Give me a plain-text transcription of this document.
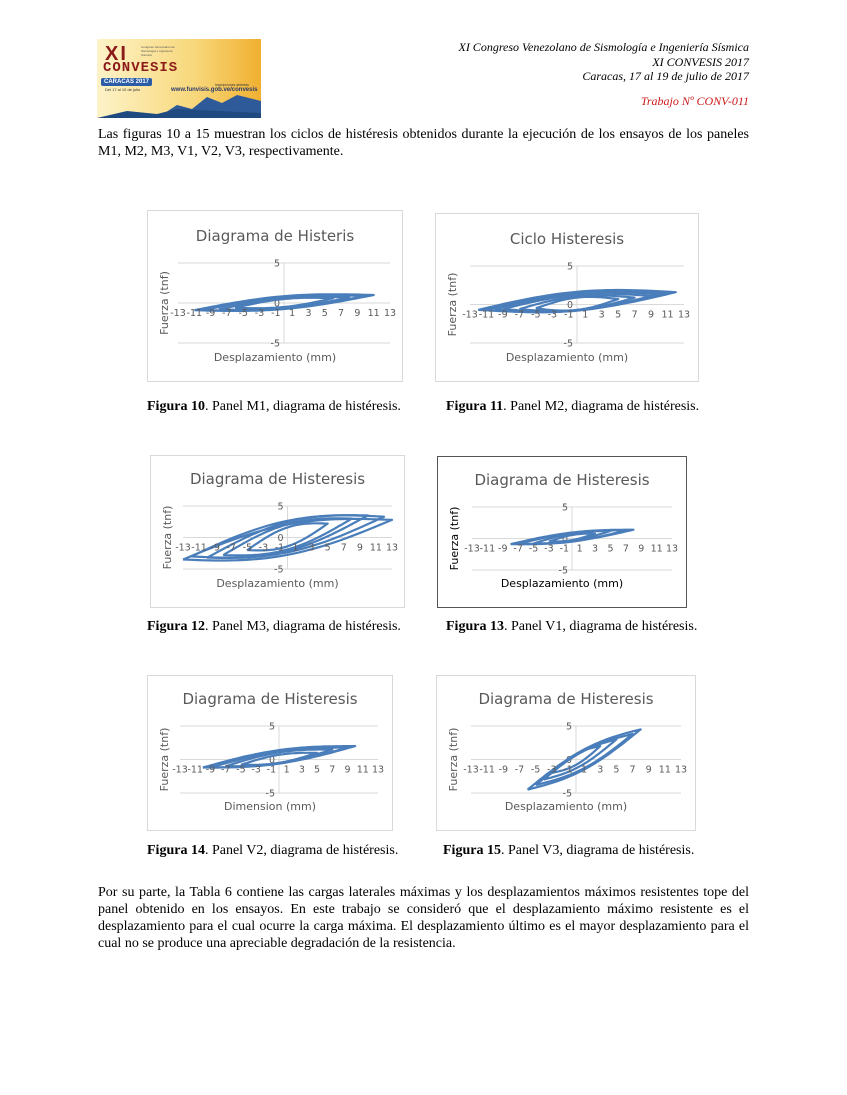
XI
CONVESIS
Congreso Venezolano de Sismología e Ingeniería Sísmica
CARACAS 2017
Del 17 al 19 de julio
Inscripciones abiertas
www.funvisis.gob.ve/convesis
XI Congreso Venezolano de Sismología e Ingeniería Sísmica
XI CONVESIS 2017
Caracas, 17 al 19 de julio de 2017
Trabajo Nº CONV-011
Las figuras 10 a 15 muestran los ciclos de histéresis obtenidos durante la ejecución de los ensayos de los paneles M1, M2, M3, V1, V2, V3, respectivamente.
Diagrama de Histeris
-5
0
5
-13 -11 -9 -7 -5 -3 -1 1 3 5 7 9 11 13
Desplazamiento (mm)
Fuerza (tnf)
Ciclo Histeresis
-5
0
5
-13 -11 -9 -7 -5 -3 -1 1 3 5 7 9 11 13
Desplazamiento (mm)
Fuerza (tnf)
Diagrama de Histeresis
-5
0
5
-13 -11 -9 -7 -5 -3 -1 1 3 5 7 9 11 13
Desplazamiento (mm)
Fuerza (tnf)
Diagrama de Histeresis
-5
0
5
-13 -11 -9 -7 -5 -3 -1 1 3 5 7 9 11 13
Desplazamiento (mm)
Fuerza (tnf)
Diagrama de Histeresis
-5
0
5
-13 -11 -9 -7 -5 -3 -1 1 3 5 7 9 11 13
Dimension (mm)
Fuerza (tnf)
Diagrama de Histeresis
-5
0
5
-13 -11 -9 -7 -5 -3 -1 1 3 5 7 9 11 13
Desplazamiento (mm)
Fuerza (tnf)
Figura 10. Panel M1, diagrama de histéresis.	Figura 11. Panel M2, diagrama de histéresis.
Figura 12. Panel M3, diagrama de histéresis.	Figura 13. Panel V1, diagrama de histéresis.
Figura 14. Panel V2, diagrama de histéresis.	Figura 15. Panel V3, diagrama de histéresis.
Por su parte, la Tabla 6 contiene las cargas laterales máximas y los desplazamientos máximos resistentes tope del panel obtenido en los ensayos. En este trabajo se consideró que el desplazamiento máximo resistente es el desplazamiento para el cual ocurre la carga máxima. El desplazamiento último es el mayor desplazamiento para el cual no se produce una apreciable degradación de la resistencia.
